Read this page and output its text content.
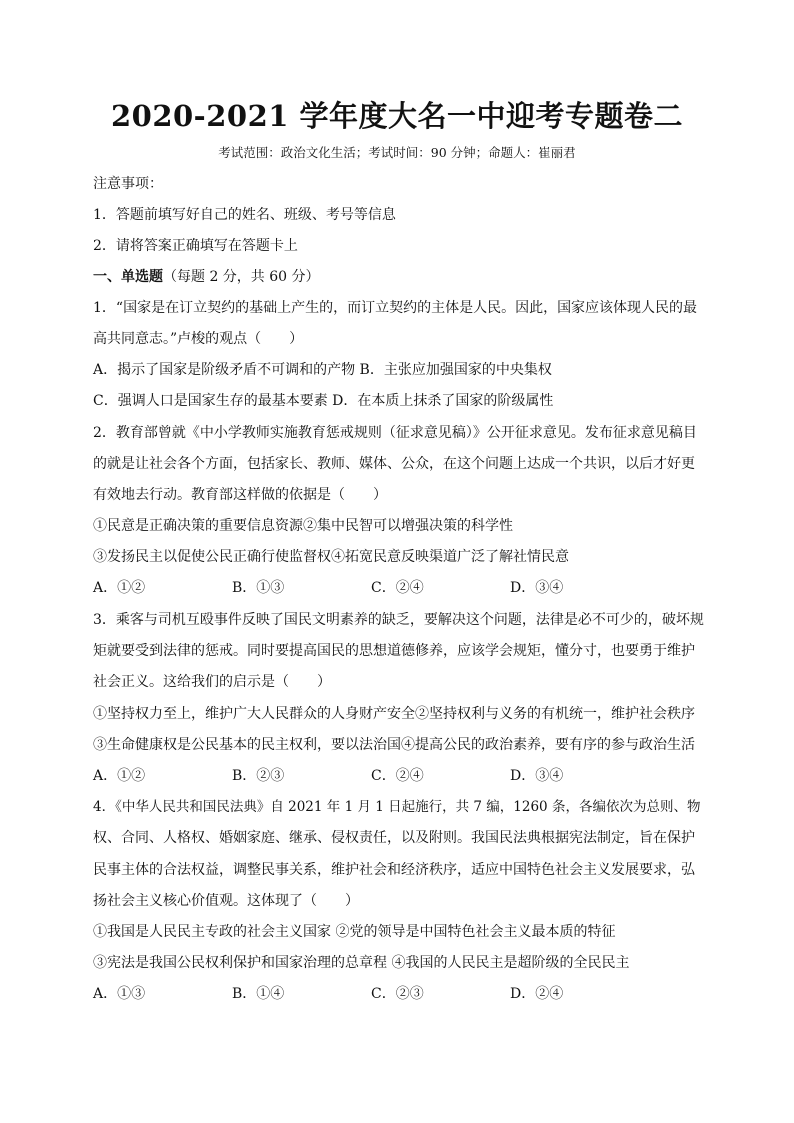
2020-2021 学年度大名一中迎考专题卷二
考试范围：政治文化生活；考试时间：90 分钟；命题人：崔丽君
注意事项：
1．答题前填写好自己的姓名、班级、考号等信息
2．请将答案正确填写在答题卡上
一、单选题（每题 2 分，共 60 分）
1．“国家是在订立契约的基础上产生的，而订立契约的主体是人民。因此，国家应该体现人民的最
高共同意志。”卢梭的观点（　　）
A．揭示了国家是阶级矛盾不可调和的产物 B．主张应加强国家的中央集权
C．强调人口是国家生存的最基本要素 D．在本质上抹杀了国家的阶级属性
2．教育部曾就《中小学教师实施教育惩戒规则（征求意见稿）》公开征求意见。发布征求意见稿目
的就是让社会各个方面，包括家长、教师、媒体、公众，在这个问题上达成一个共识，以后才好更
有效地去行动。教育部这样做的依据是（　　）
①民意是正确决策的重要信息资源②集中民智可以增强决策的科学性
③发扬民主以促使公民正确行使监督权④拓宽民意反映渠道广泛了解社情民意
A．①②	B．①③	C．②④	D．③④
3．乘客与司机互殴事件反映了国民文明素养的缺乏，要解决这个问题，法律是必不可少的，破坏规
矩就要受到法律的惩戒。同时要提高国民的思想道德修养，应该学会规矩，懂分寸，也要勇于维护
社会正义。这给我们的启示是（　　）
①坚持权力至上，维护广大人民群众的人身财产安全②坚持权利与义务的有机统一，维护社会秩序
③生命健康权是公民基本的民主权利，要以法治国④提高公民的政治素养，要有序的参与政治生活
A．①②	B．②③	C．②④	D．③④
4．《中华人民共和国民法典》自 2021 年 1 月 1 日起施行，共 7 编，1260 条，各编依次为总则、物
权、合同、人格权、婚姻家庭、继承、侵权责任，以及附则。我国民法典根据宪法制定，旨在保护
民事主体的合法权益，调整民事关系，维护社会和经济秩序，适应中国特色社会主义发展要求，弘
扬社会主义核心价值观。这体现了（　　）
①我国是人民民主专政的社会主义国家 ②党的领导是中国特色社会主义最本质的特征
③宪法是我国公民权利保护和国家治理的总章程 ④我国的人民民主是超阶级的全民民主
A．①③	B．①④	C．②③	D．②④
